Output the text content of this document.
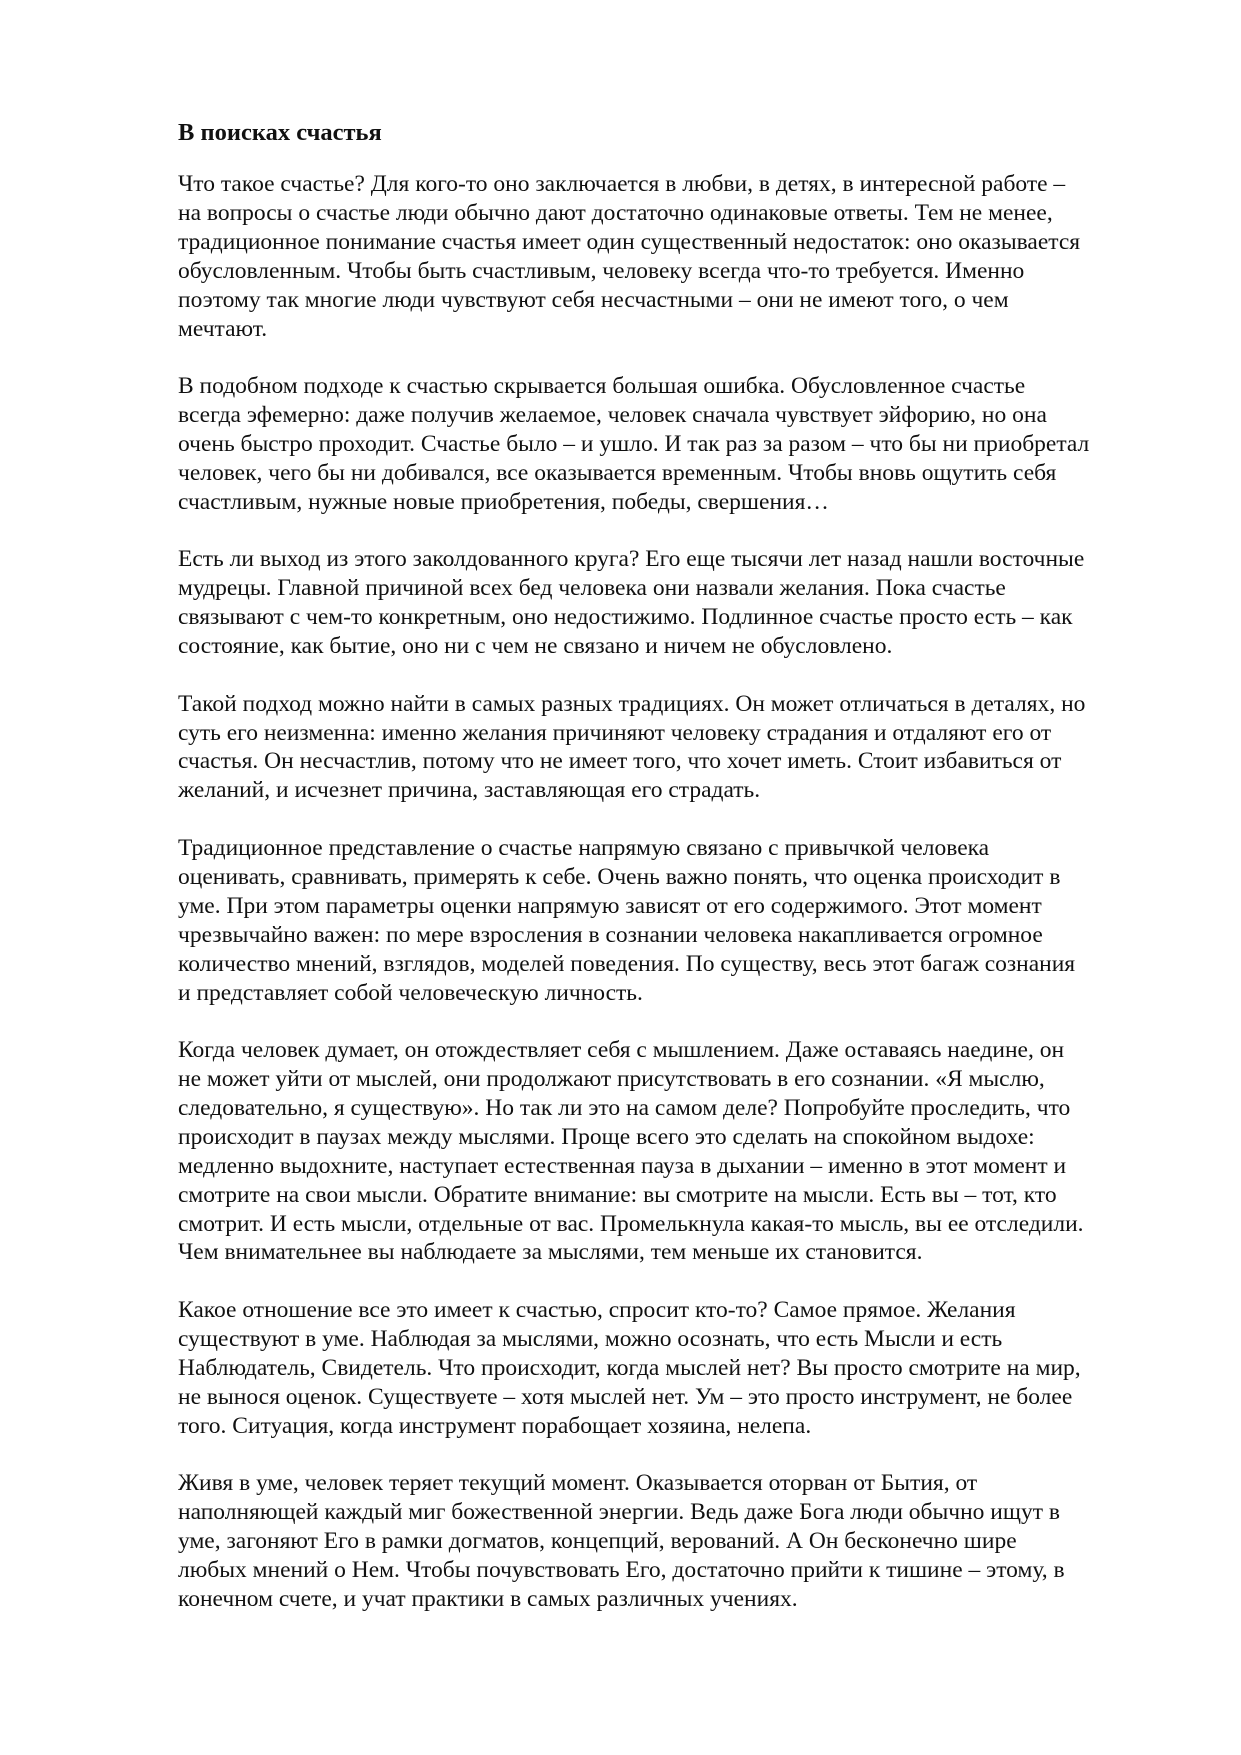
В поисках счастья

Что такое счастье? Для кого-то оно заключается в любви, в детях, в интересной работе –
на вопросы о счастье люди обычно дают достаточно одинаковые ответы. Тем не менее,
традиционное понимание счастья имеет один существенный недостаток: оно оказывается
обусловленным. Чтобы быть счастливым, человеку всегда что-то требуется. Именно
поэтому так многие люди чувствуют себя несчастными – они не имеют того, о чем
мечтают.

В подобном подходе к счастью скрывается большая ошибка. Обусловленное счастье
всегда эфемерно: даже получив желаемое, человек сначала чувствует эйфорию, но она
очень быстро проходит. Счастье было – и ушло. И так раз за разом – что бы ни приобретал
человек, чего бы ни добивался, все оказывается временным. Чтобы вновь ощутить себя
счастливым, нужные новые приобретения, победы, свершения…

Есть ли выход из этого заколдованного круга? Его еще тысячи лет назад нашли восточные
мудрецы. Главной причиной всех бед человека они назвали желания. Пока счастье
связывают с чем-то конкретным, оно недостижимо. Подлинное счастье просто есть – как
состояние, как бытие, оно ни с чем не связано и ничем не обусловлено.

Такой подход можно найти в самых разных традициях. Он может отличаться в деталях, но
суть его неизменна: именно желания причиняют человеку страдания и отдаляют его от
счастья. Он несчастлив, потому что не имеет того, что хочет иметь. Стоит избавиться от
желаний, и исчезнет причина, заставляющая его страдать.

Традиционное представление о счастье напрямую связано с привычкой человека
оценивать, сравнивать, примерять к себе. Очень важно понять, что оценка происходит в
уме. При этом параметры оценки напрямую зависят от его содержимого. Этот момент
чрезвычайно важен: по мере взросления в сознании человека накапливается огромное
количество мнений, взглядов, моделей поведения. По существу, весь этот багаж сознания
и представляет собой человеческую личность.

Когда человек думает, он отождествляет себя с мышлением. Даже оставаясь наедине, он
не может уйти от мыслей, они продолжают присутствовать в его сознании. «Я мыслю,
следовательно, я существую». Но так ли это на самом деле? Попробуйте проследить, что
происходит в паузах между мыслями. Проще всего это сделать на спокойном выдохе:
медленно выдохните, наступает естественная пауза в дыхании – именно в этот момент и
смотрите на свои мысли. Обратите внимание: вы смотрите на мысли. Есть вы – тот, кто
смотрит. И есть мысли, отдельные от вас. Промелькнула какая-то мысль, вы ее отследили.
Чем внимательнее вы наблюдаете за мыслями, тем меньше их становится.

Какое отношение все это имеет к счастью, спросит кто-то? Самое прямое. Желания
существуют в уме. Наблюдая за мыслями, можно осознать, что есть Мысли и есть
Наблюдатель, Свидетель. Что происходит, когда мыслей нет? Вы просто смотрите на мир,
не вынося оценок. Существуете – хотя мыслей нет. Ум – это просто инструмент, не более
того. Ситуация, когда инструмент порабощает хозяина, нелепа.

Живя в уме, человек теряет текущий момент. Оказывается оторван от Бытия, от
наполняющей каждый миг божественной энергии. Ведь даже Бога люди обычно ищут в
уме, загоняют Его в рамки догматов, концепций, верований. А Он бесконечно шире
любых мнений о Нем. Чтобы почувствовать Его, достаточно прийти к тишине – этому, в
конечном счете, и учат практики в самых различных учениях.
